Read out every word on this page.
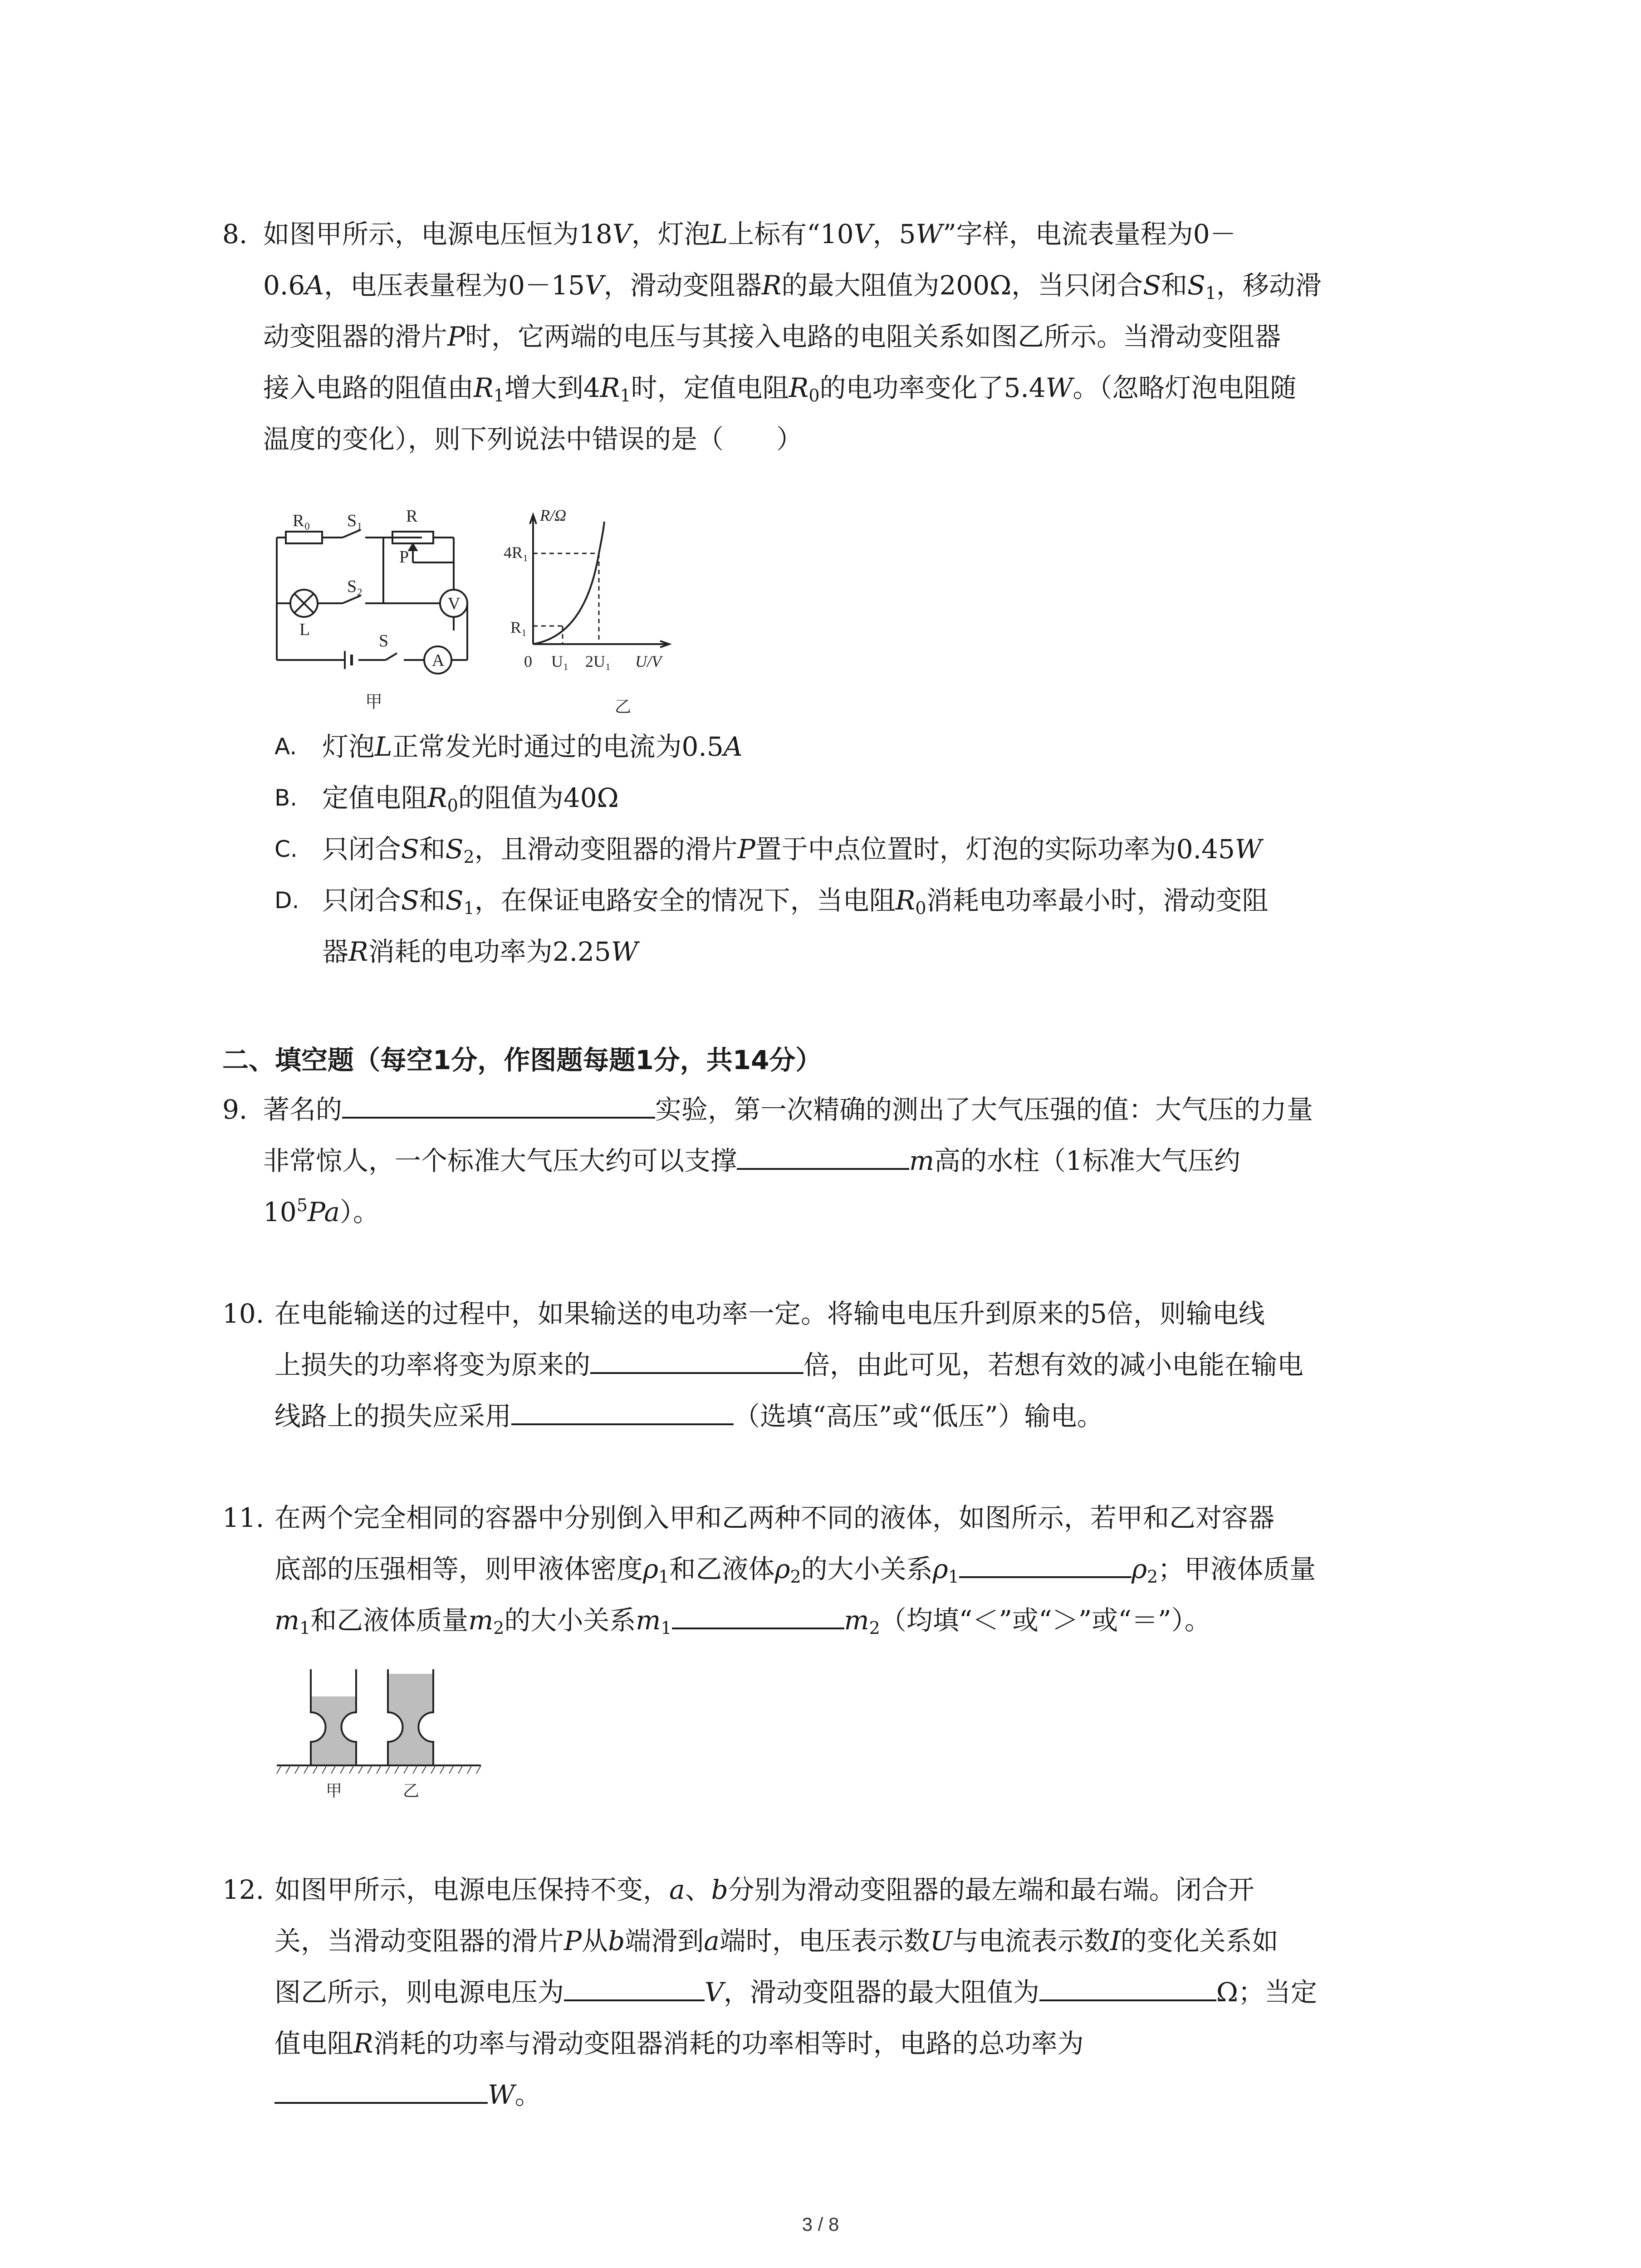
8. 如图甲所示，电源电压恒为18V，灯泡L上标有“10V，5W”字样，电流表量程为0－
0.6A，电压表量程为0－15V，滑动变阻器R的最大阻值为200Ω，当只闭合S和$S_1$，移动滑
动变阻器的滑片P时，它两端的电压与其接入电路的电阻关系如图乙所示。当滑动变阻器
接入电路的阻值由$R_1$增大到$4R_1$时，定值电阻$R_0$的电功率变化了5.4W。（忽略灯泡电阻随
温度的变化），则下列说法中错误的是（　　）
R₀ S₁	R
P
S₂
L
S
V
A
甲
R/Ω
4R₁
R₁
0 U₁ 2U₁ U/V
乙
A. 灯泡L正常发光时通过的电流为0.5A
B. 定值电阻$R_0$的阻值为40Ω
C. 只闭合S和$S_2$，且滑动变阻器的滑片P置于中点位置时，灯泡的实际功率为0.45W
D. 只闭合S和$S_1$，在保证电路安全的情况下，当电阻$R_0$消耗电功率最小时，滑动变阻
器R消耗的电功率为2.25W
二、填空题（每空1分，作图题每题1分，共14分）
9. 著名的	实验，第一次精确的测出了大气压强的值：大气压的力量
非常惊人，一个标准大气压大约可以支撑	m高的水柱（1标准大气压约
$10^5Pa$）。
10. 在电能输送的过程中，如果输送的电功率一定。将输电电压升到原来的5倍，则输电线
上损失的功率将变为原来的	倍，由此可见，若想有效的减小电能在输电
线路上的损失应采用	（选填“高压”或“低压”）输电。
11. 在两个完全相同的容器中分别倒入甲和乙两种不同的液体，如图所示，若甲和乙对容器
底部的压强相等，则甲液体密度$\rho_1$和乙液体$\rho_2$的大小关系$\rho_1$	$\rho_2$；甲液体质量
$m_1$和乙液体质量$m_2$的大小关系$m_1$	$m_2$（均填“＜”或“＞”或“＝”）。
甲	乙
12. 如图甲所示，电源电压保持不变，a、b分别为滑动变阻器的最左端和最右端。闭合开
关，当滑动变阻器的滑片P从b端滑到a端时，电压表示数U与电流表示数I的变化关系如
图乙所示，则电源电压为	V，滑动变阻器的最大阻值为	Ω；当定
值电阻R消耗的功率与滑动变阻器消耗的功率相等时，电路的总功率为
W。
3 / 8
